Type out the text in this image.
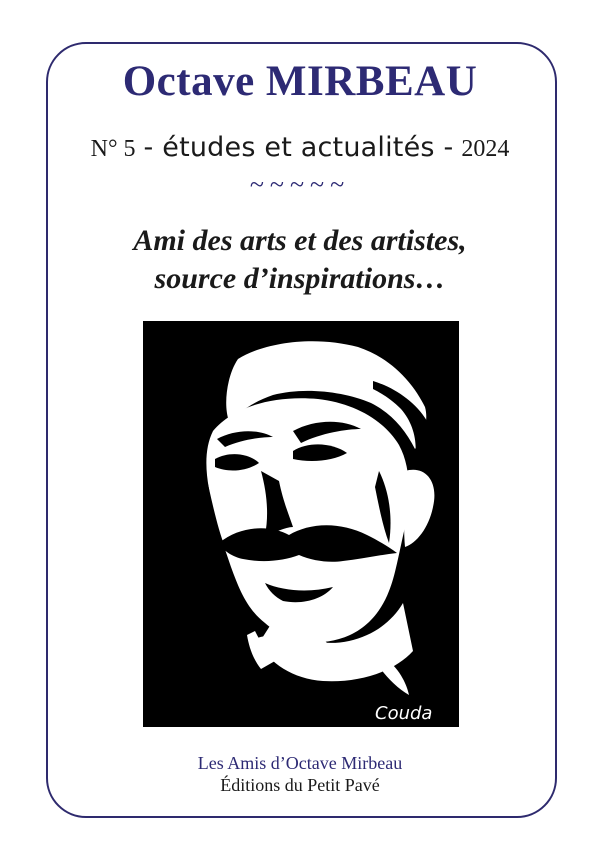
Octave MIRBEAU
N° 5 - études et actualités - 2024
~~~~~
Ami des arts et des artistes,
source d’inspirations…
Couda
Les Amis d’Octave Mirbeau
Éditions du Petit Pavé
